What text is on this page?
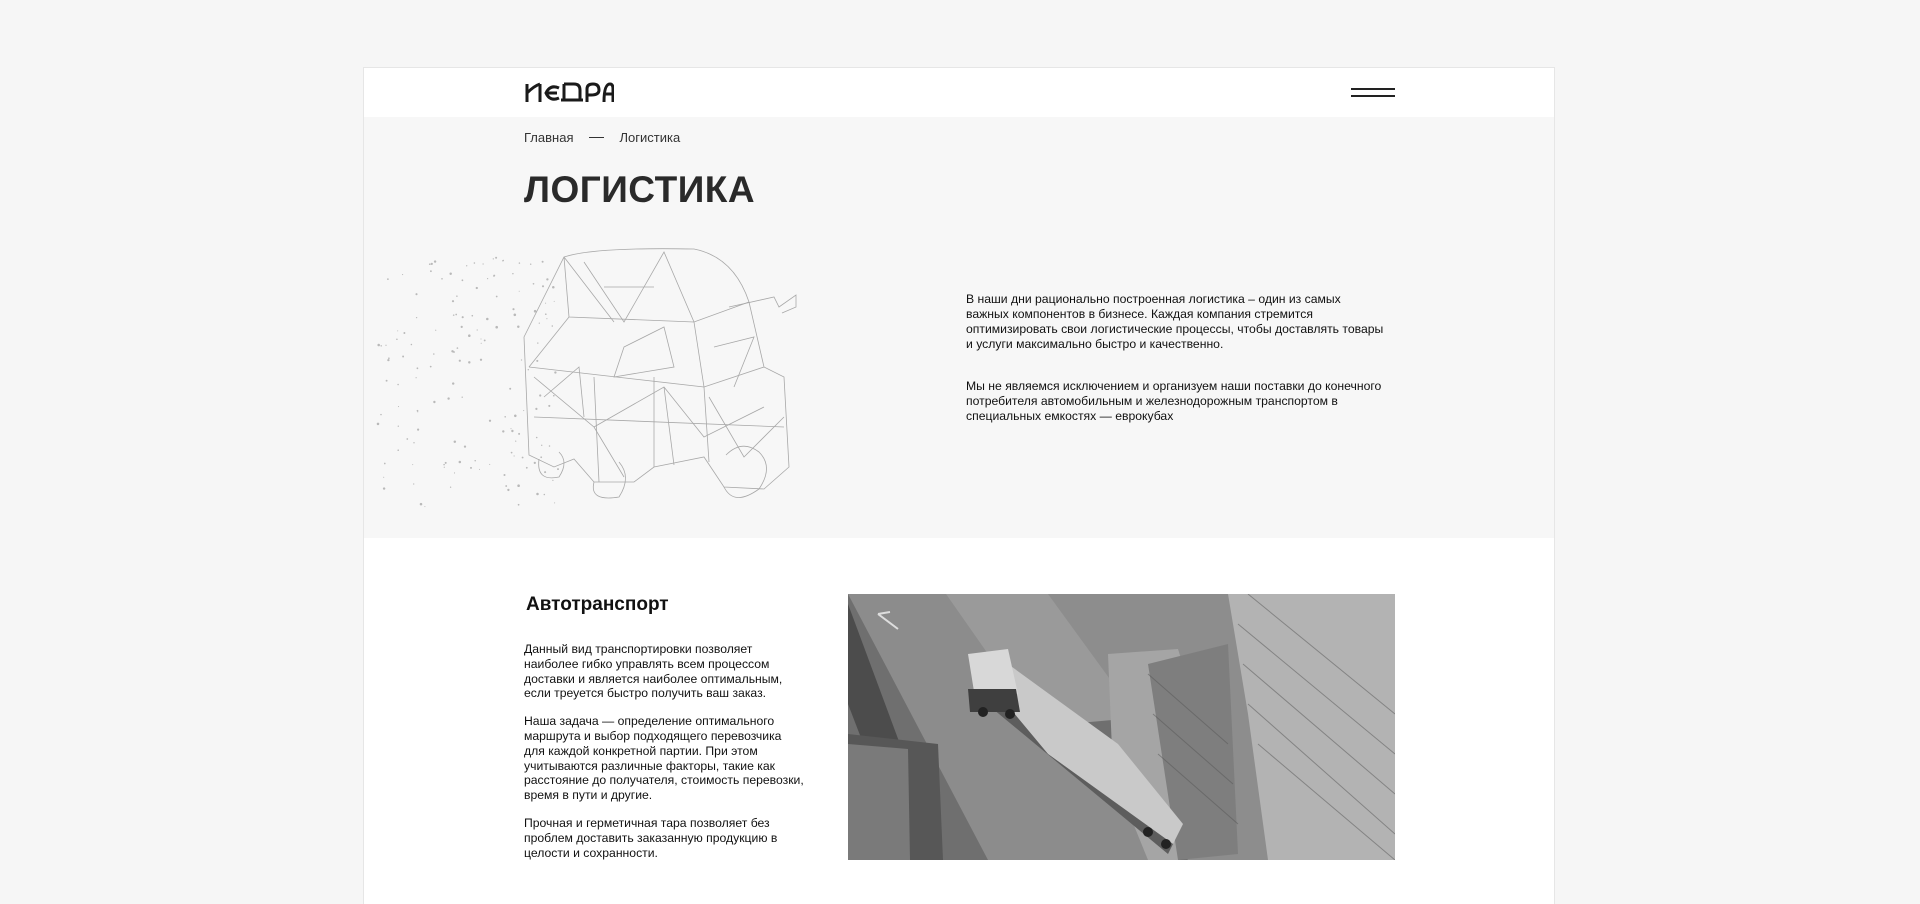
Главная	Логистика
ЛОГИСТИКА

В наши дни рационально построенная логистика – один из самых важных компонентов в бизнесе. Каждая компания стремится оптимизировать свои логистические процессы, чтобы доставлять товары и услуги максимально быстро и качественно.

Мы не являемся исключением и организуем наши поставки до конечного потребителя автомобильным и железнодорожным транспортом в специальных емкостях — еврокубах

Автотранспорт

Данный вид транспортировки позволяет наиболее гибко управлять всем процессом доставки и является наиболее оптимальным, если треуется быстро получить ваш заказ.

Наша задача — определение оптимального маршрута и выбор подходящего перевозчика для каждой конкретной партии. При этом учитываются различные факторы, такие как расстояние до получателя, стоимость перевозки, время в пути и другие.

Прочная и герметичная тара позволяет без проблем доставить заказанную продукцию в целости и сохранности.
